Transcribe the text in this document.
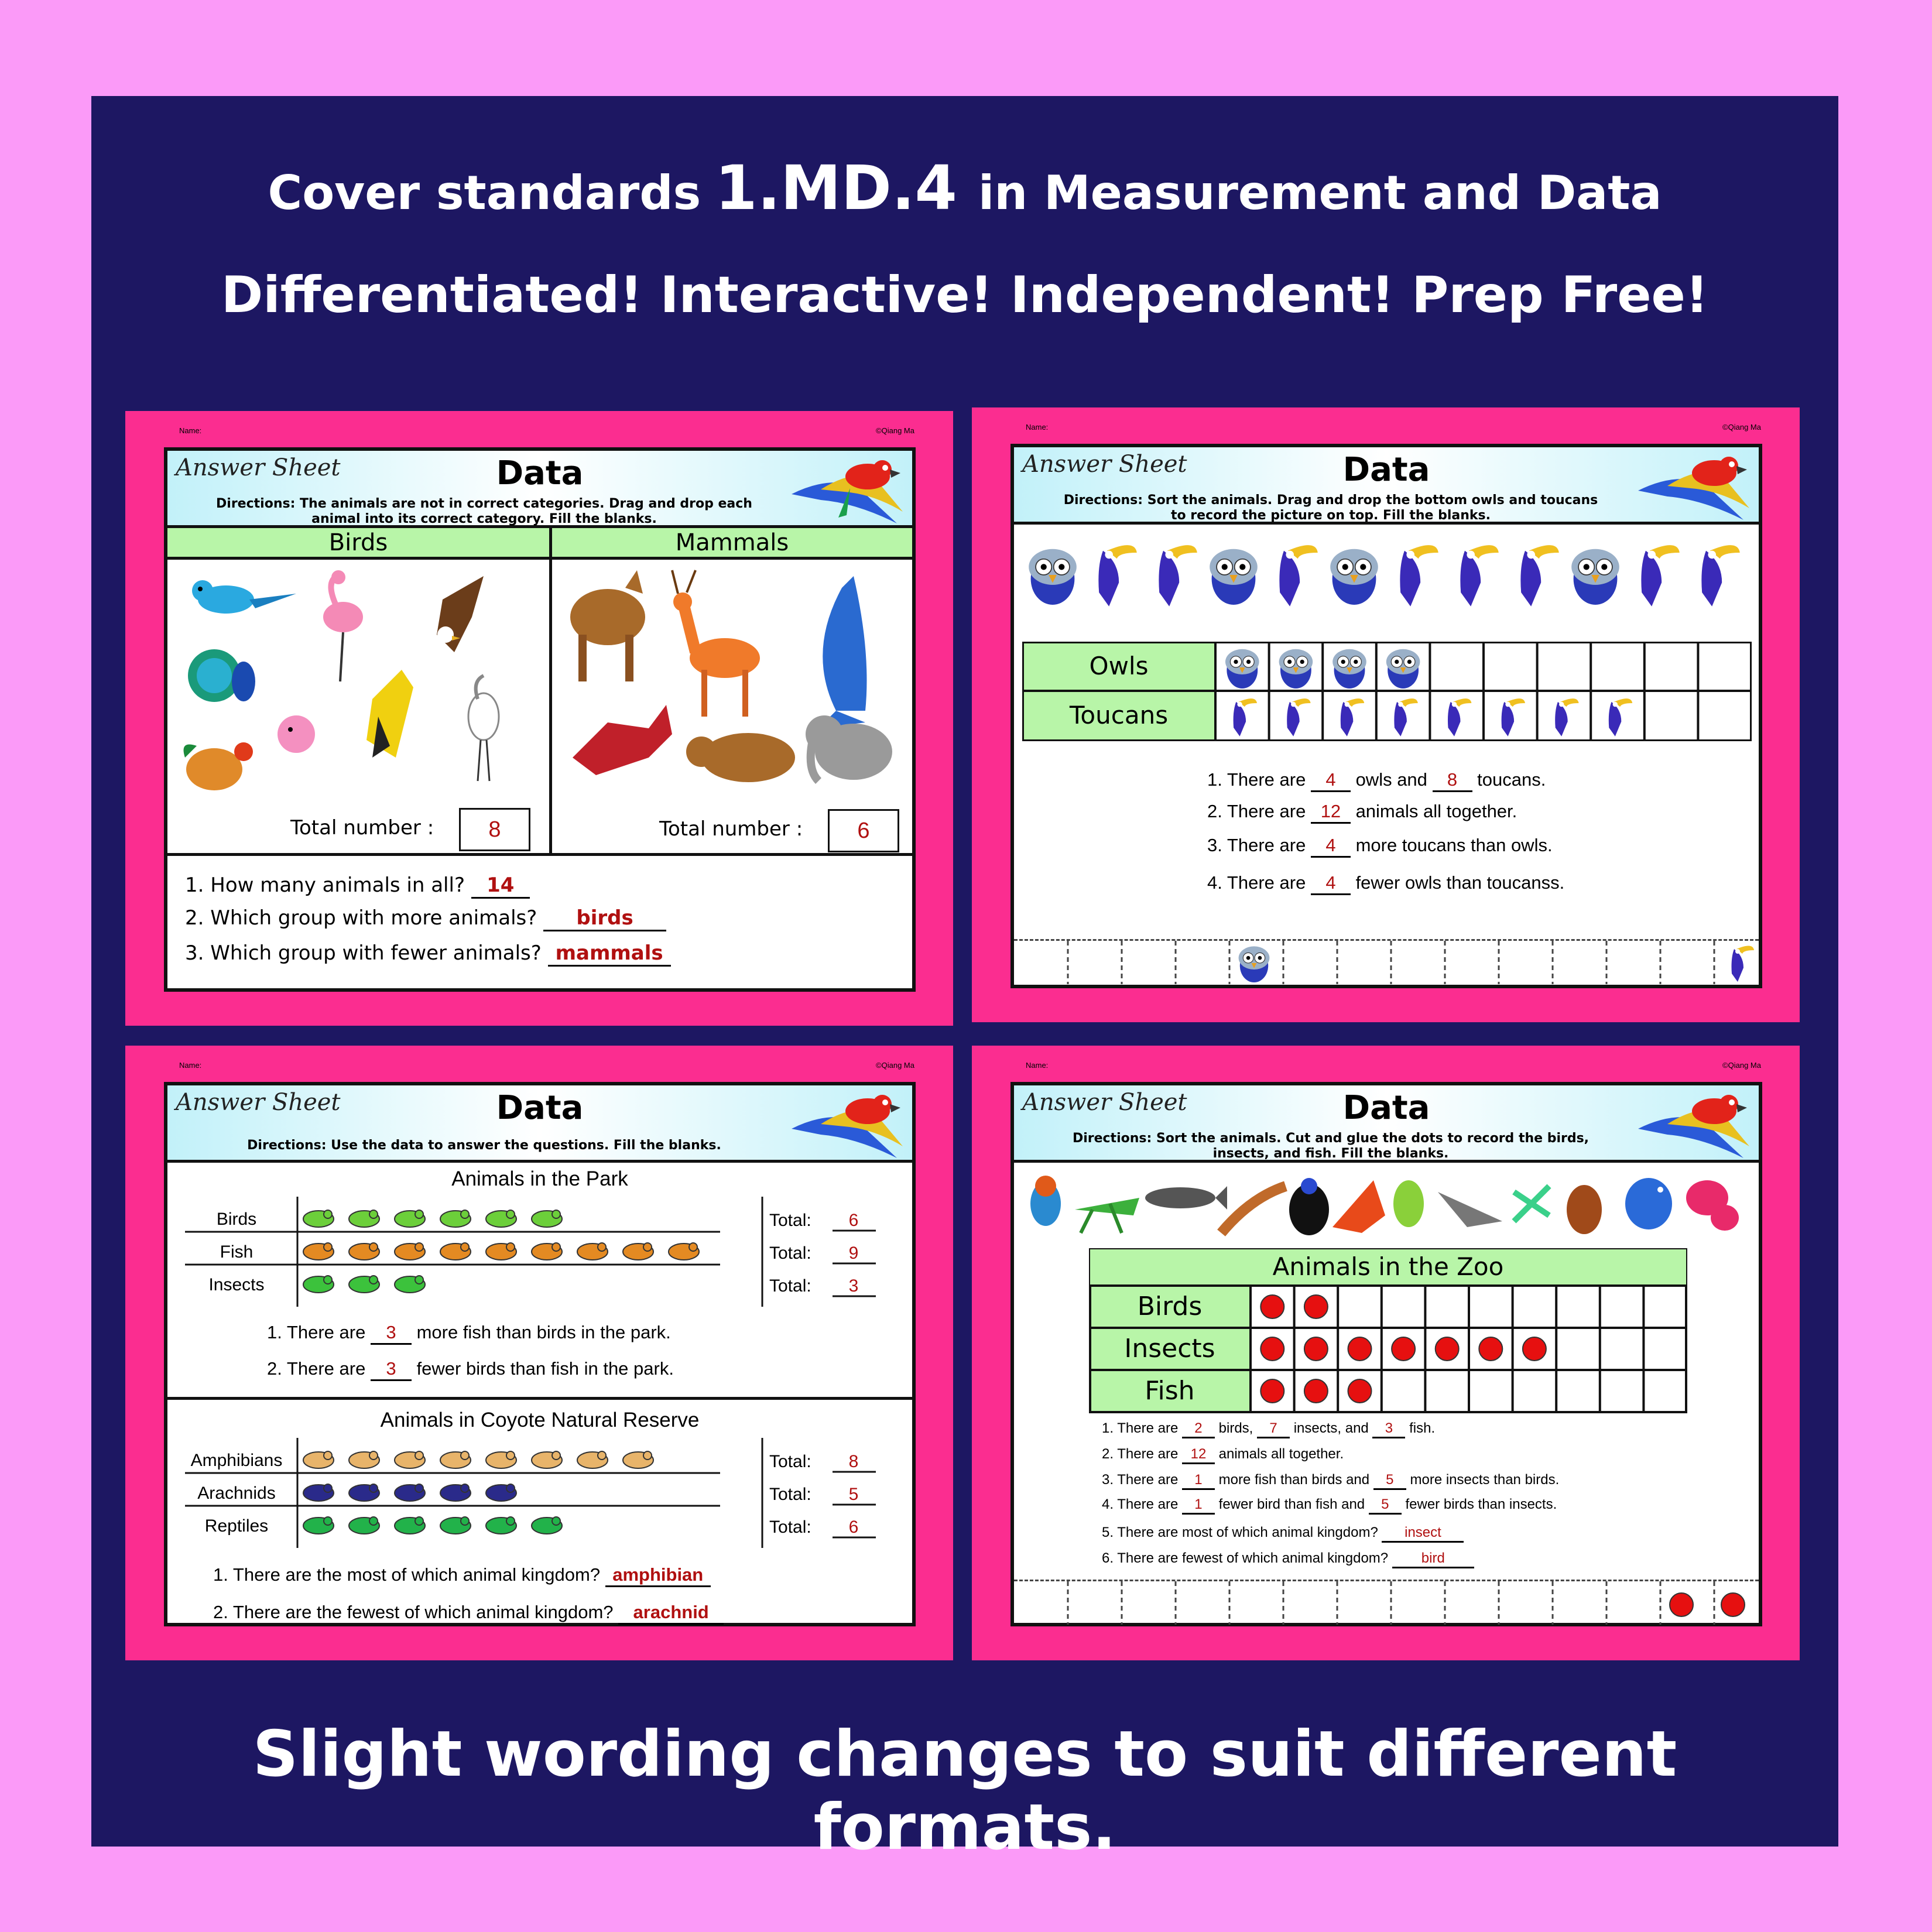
Cover standards 1.MD.4 in Measurement and Data
Differentiated! Interactive! Independent! Prep Free!
Slight wording changes to suit different formats.
Name:	©Qiang Ma
Answer Sheet	Data
Directions: The animals are not in correct categories. Drag and drop each
animal into its correct category. Fill the blanks.
Birds	Mammals
Total number :	8	Total number :	6
1. How many animals in all? 14
2. Which group with more animals? birds
3. Which group with fewer animals? mammals
Name:	©Qiang Ma
Answer Sheet	Data
Directions: Sort the animals. Drag and drop the bottom owls and toucans
to record the picture on top. Fill the blanks.
Owls
Toucans
1. There are 4 owls and 8 toucans.
2. There are 12 animals all together.
3. There are 4 more toucans than owls.
4. There are 4 fewer owls than toucanss.
Name:	©Qiang Ma
Answer Sheet	Data
Directions: Use the data to answer the questions. Fill the blanks.
Animals in the Park
Birds	Total: 6
Fish	Total: 9
Insects	Total: 3
1. There are 3 more fish than birds in the park.
2. There are 3 fewer birds than fish in the park.
Animals in Coyote Natural Reserve
Amphibians	Total: 8
Arachnids	Total: 5
Reptiles	Total: 6
1. There are the most of which animal kingdom? amphibian
2. There are the fewest of which animal kingdom? arachnid
Name:	©Qiang Ma
Answer Sheet	Data
Directions: Sort the animals. Cut and glue the dots to record the birds,
insects, and fish. Fill the blanks.
Animals in the Zoo
Birds
Insects
Fish
1. There are 2 birds, 7 insects, and 3 fish.
2. There are 12 animals all together.
3. There are 1 more fish than birds and 5 more insects than birds.
4. There are 1 fewer bird than fish and 5 fewer birds than insects.
5. There are most of which animal kingdom? insect
6. There are fewest of which animal kingdom? bird
